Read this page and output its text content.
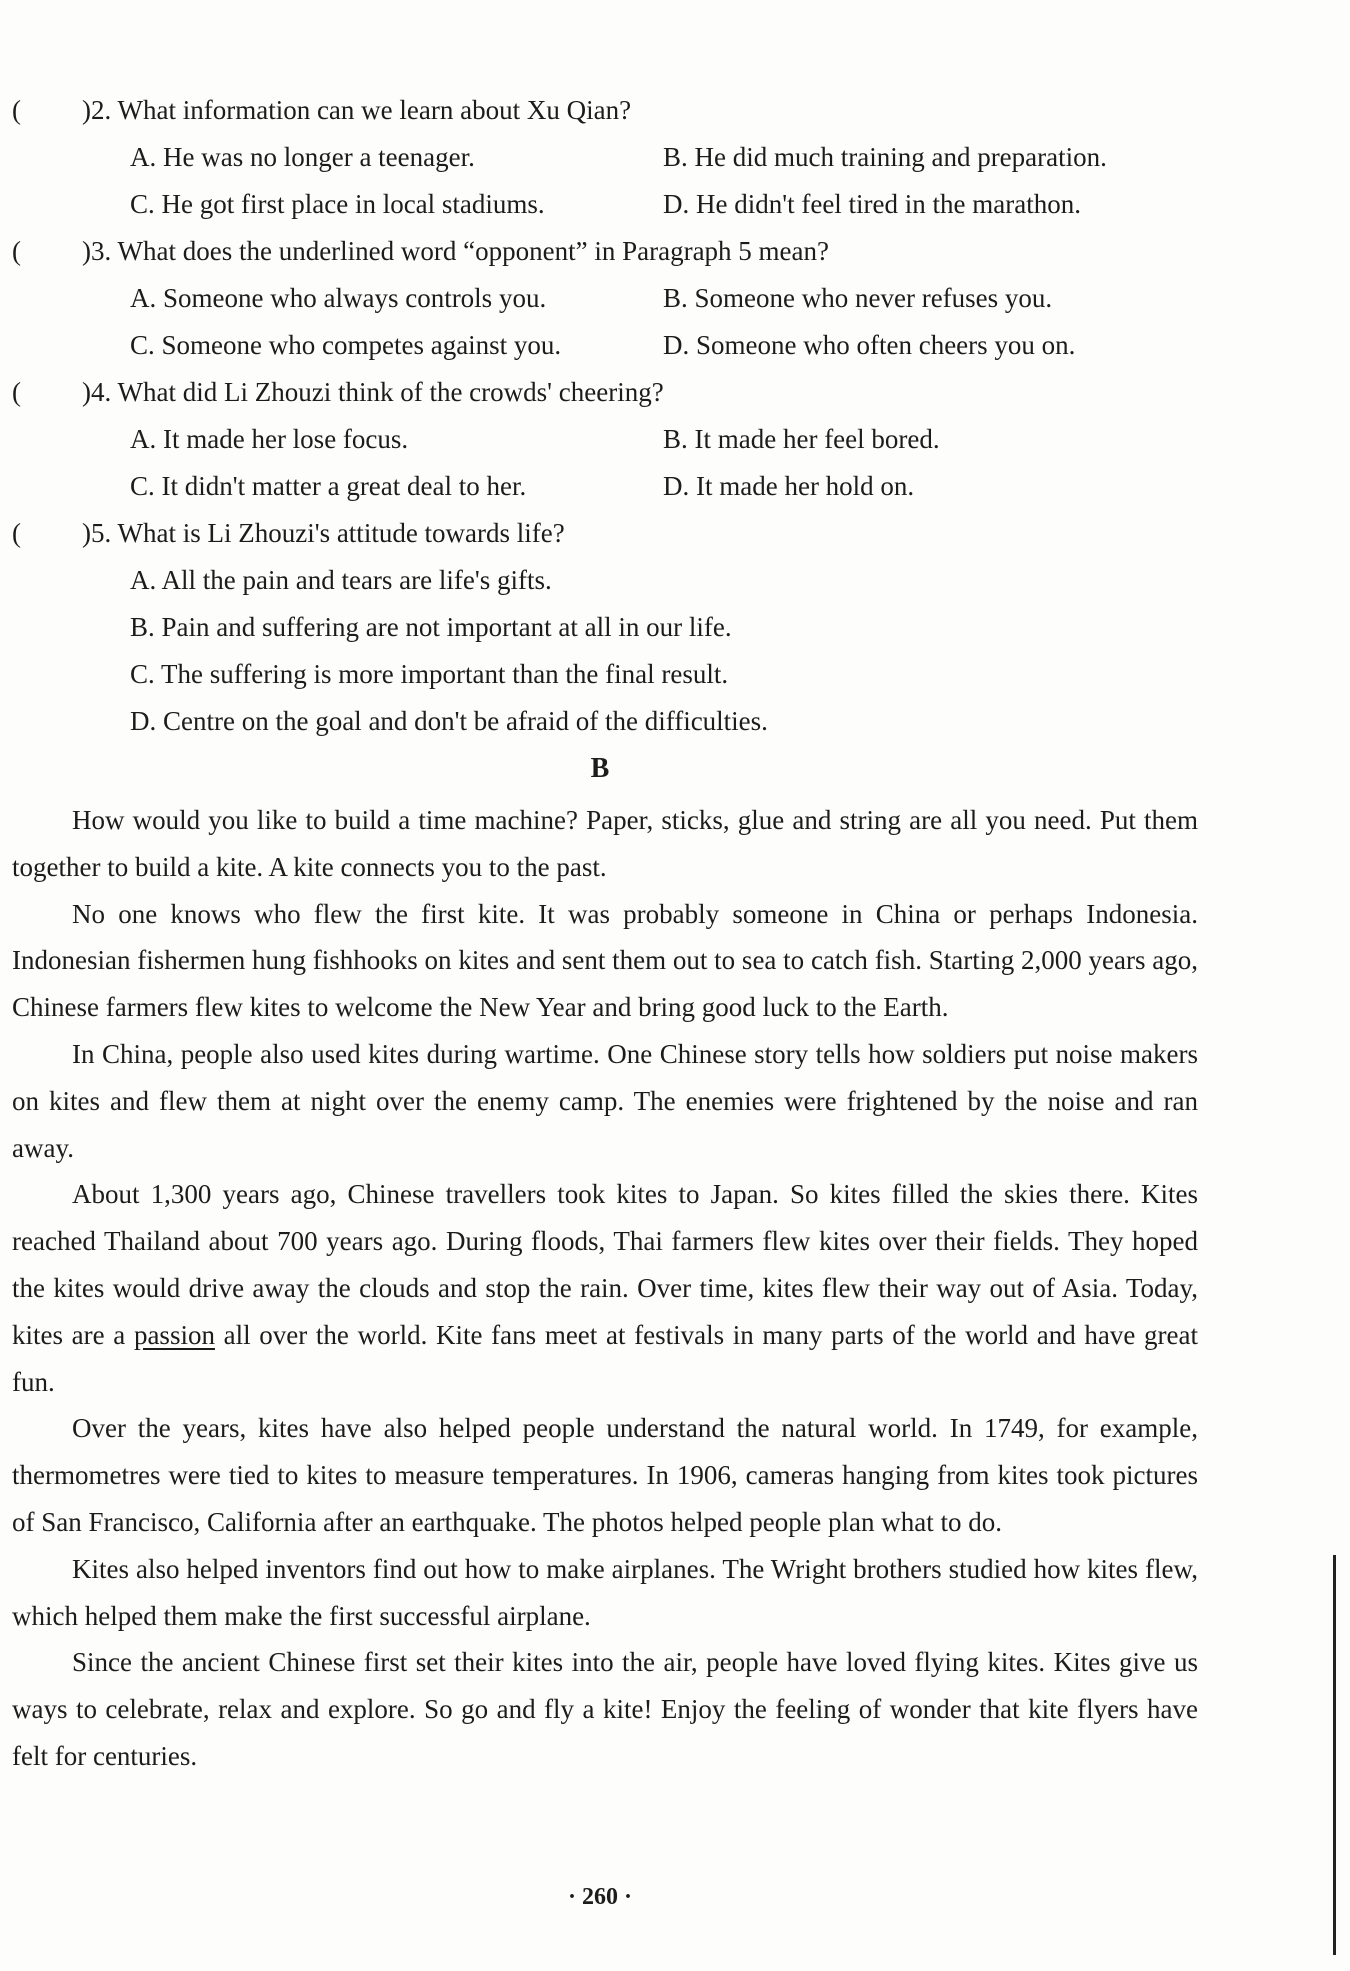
( )2. What information can we learn about Xu Qian?
A. He was no longer a teenager.	B. He did much training and preparation.
C. He got first place in local stadiums.	D. He didn't feel tired in the marathon.
( )3. What does the underlined word “opponent” in Paragraph 5 mean?
A. Someone who always controls you.	B. Someone who never refuses you.
C. Someone who competes against you.	D. Someone who often cheers you on.
( )4. What did Li Zhouzi think of the crowds' cheering?
A. It made her lose focus.	B. It made her feel bored.
C. It didn't matter a great deal to her.	D. It made her hold on.
( )5. What is Li Zhouzi's attitude towards life?
A. All the pain and tears are life's gifts.
B. Pain and suffering are not important at all in our life.
C. The suffering is more important than the final result.
D. Centre on the goal and don't be afraid of the difficulties.
B

How would you like to build a time machine? Paper, sticks, glue and string are all you need. Put them together to build a kite. A kite connects you to the past.

No one knows who flew the first kite. It was probably someone in China or perhaps Indonesia. Indonesian fishermen hung fishhooks on kites and sent them out to sea to catch fish. Starting 2,000 years ago, Chinese farmers flew kites to welcome the New Year and bring good luck to the Earth.

In China, people also used kites during wartime. One Chinese story tells how soldiers put noise makers on kites and flew them at night over the enemy camp. The enemies were frightened by the noise and ran away.

About 1,300 years ago, Chinese travellers took kites to Japan. So kites filled the skies there. Kites reached Thailand about 700 years ago. During floods, Thai farmers flew kites over their fields. They hoped the kites would drive away the clouds and stop the rain. Over time, kites flew their way out of Asia. Today, kites are a passion all over the world. Kite fans meet at festivals in many parts of the world and have great fun.

Over the years, kites have also helped people understand the natural world. In 1749, for example, thermometres were tied to kites to measure temperatures. In 1906, cameras hanging from kites took pictures of San Francisco, California after an earthquake. The photos helped people plan what to do.

Kites also helped inventors find out how to make airplanes. The Wright brothers studied how kites flew, which helped them make the first successful airplane.

Since the ancient Chinese first set their kites into the air, people have loved flying kites. Kites give us ways to celebrate, relax and explore. So go and fly a kite! Enjoy the feeling of wonder that kite flyers have felt for centuries.

· 260 ·
